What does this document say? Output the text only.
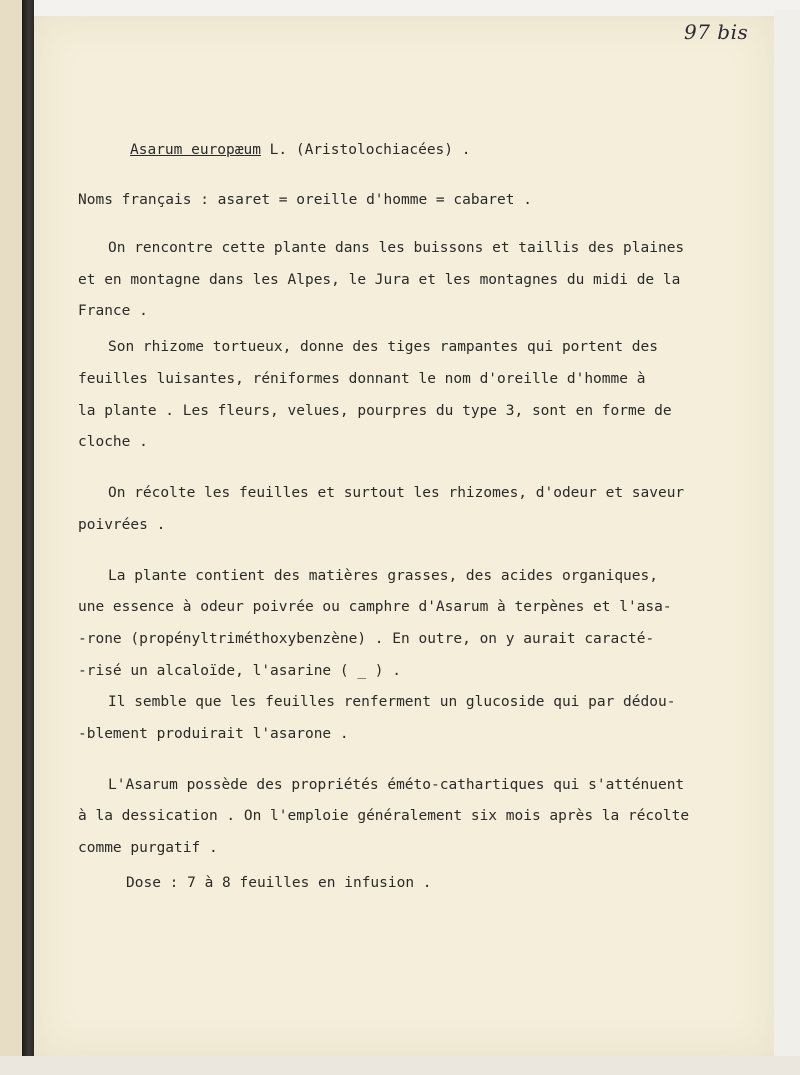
97 bis

Asarum europæum L. (Aristolochiacées) .

Noms français : asaret = oreille d'homme = cabaret .

On rencontre cette plante dans les buissons et taillis des plaines

et en montagne dans les Alpes, le Jura et les montagnes du midi de la

France .

Son rhizome tortueux, donne des tiges rampantes qui portent des

feuilles luisantes, réniformes donnant le nom d'oreille d'homme à

la plante . Les fleurs, velues, pourpres du type 3, sont en forme de

cloche .

On récolte les feuilles et surtout les rhizomes, d'odeur et saveur

poivrées .

La plante contient des matières grasses, des acides organiques,

une essence à odeur poivrée ou camphre d'Asarum à terpènes et l'asa-

-rone (propényltriméthoxybenzène) . En outre, on y aurait caracté-

-risé un alcaloïde, l'asarine ( _ ) .

Il semble que les feuilles renferment un glucoside qui par dédou-

-blement produirait l'asarone .

L'Asarum possède des propriétés éméto-cathartiques qui s'atténuent

à la dessication . On l'emploie généralement six mois après la récolte

comme purgatif .

Dose : 7 à 8 feuilles en infusion .
